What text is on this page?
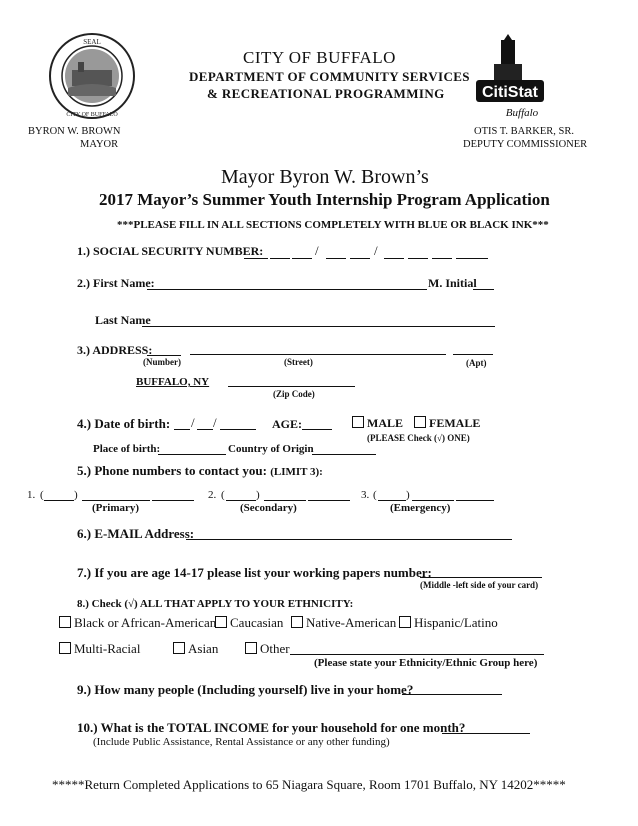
SEAL
CITY OF BUFFALO
CITY OF BUFFALO
DEPARTMENT OF COMMUNITY SERVICES
& RECREATIONAL PROGRAMMING CitiStat
Buffalo
BYRON W. BROWN
MAYOR
OTIS T. BARKER, SR.
DEPUTY COMMISSIONER
Mayor Byron W. Brown’s
2017 Mayor’s Summer Youth Internship Program Application
***PLEASE FILL IN ALL SECTIONS COMPLETELY WITH BLUE OR BLACK INK***
1.) SOCIAL SECURITY NUMBER:	/	/
2.) First Name:	M. Initial
Last Name
3.) ADDRESS:
(Number)	(Street)	(Apt)
BUFFALO, NY
(Zip Code)
4.) Date of birth: / /	AGE:	MALE	FEMALE
(PLEASE Check (√) ONE)
Place of birth:	Country of Origin
5.) Phone numbers to contact you: (LIMIT 3):
1. (	)
(Primary)
2. (	)
(Secondary)
3. (	)
(Emergency)
6.) E-MAIL Address:
7.) If you are age 14-17 please list your working papers number:
(Middle -left side of your card)
8.) Check (√) ALL THAT APPLY TO YOUR ETHNICITY:
Black or African-American	Caucasian	Native-American	Hispanic/Latino
Multi-Racial	Asian	Other
(Please state your Ethnicity/Ethnic Group here)
9.) How many people (Including yourself) live in your home?
10.) What is the TOTAL INCOME for your household for one month?
(Include Public Assistance, Rental Assistance or any other funding)
*****Return Completed Applications to 65 Niagara Square, Room 1701 Buffalo, NY 14202*****
